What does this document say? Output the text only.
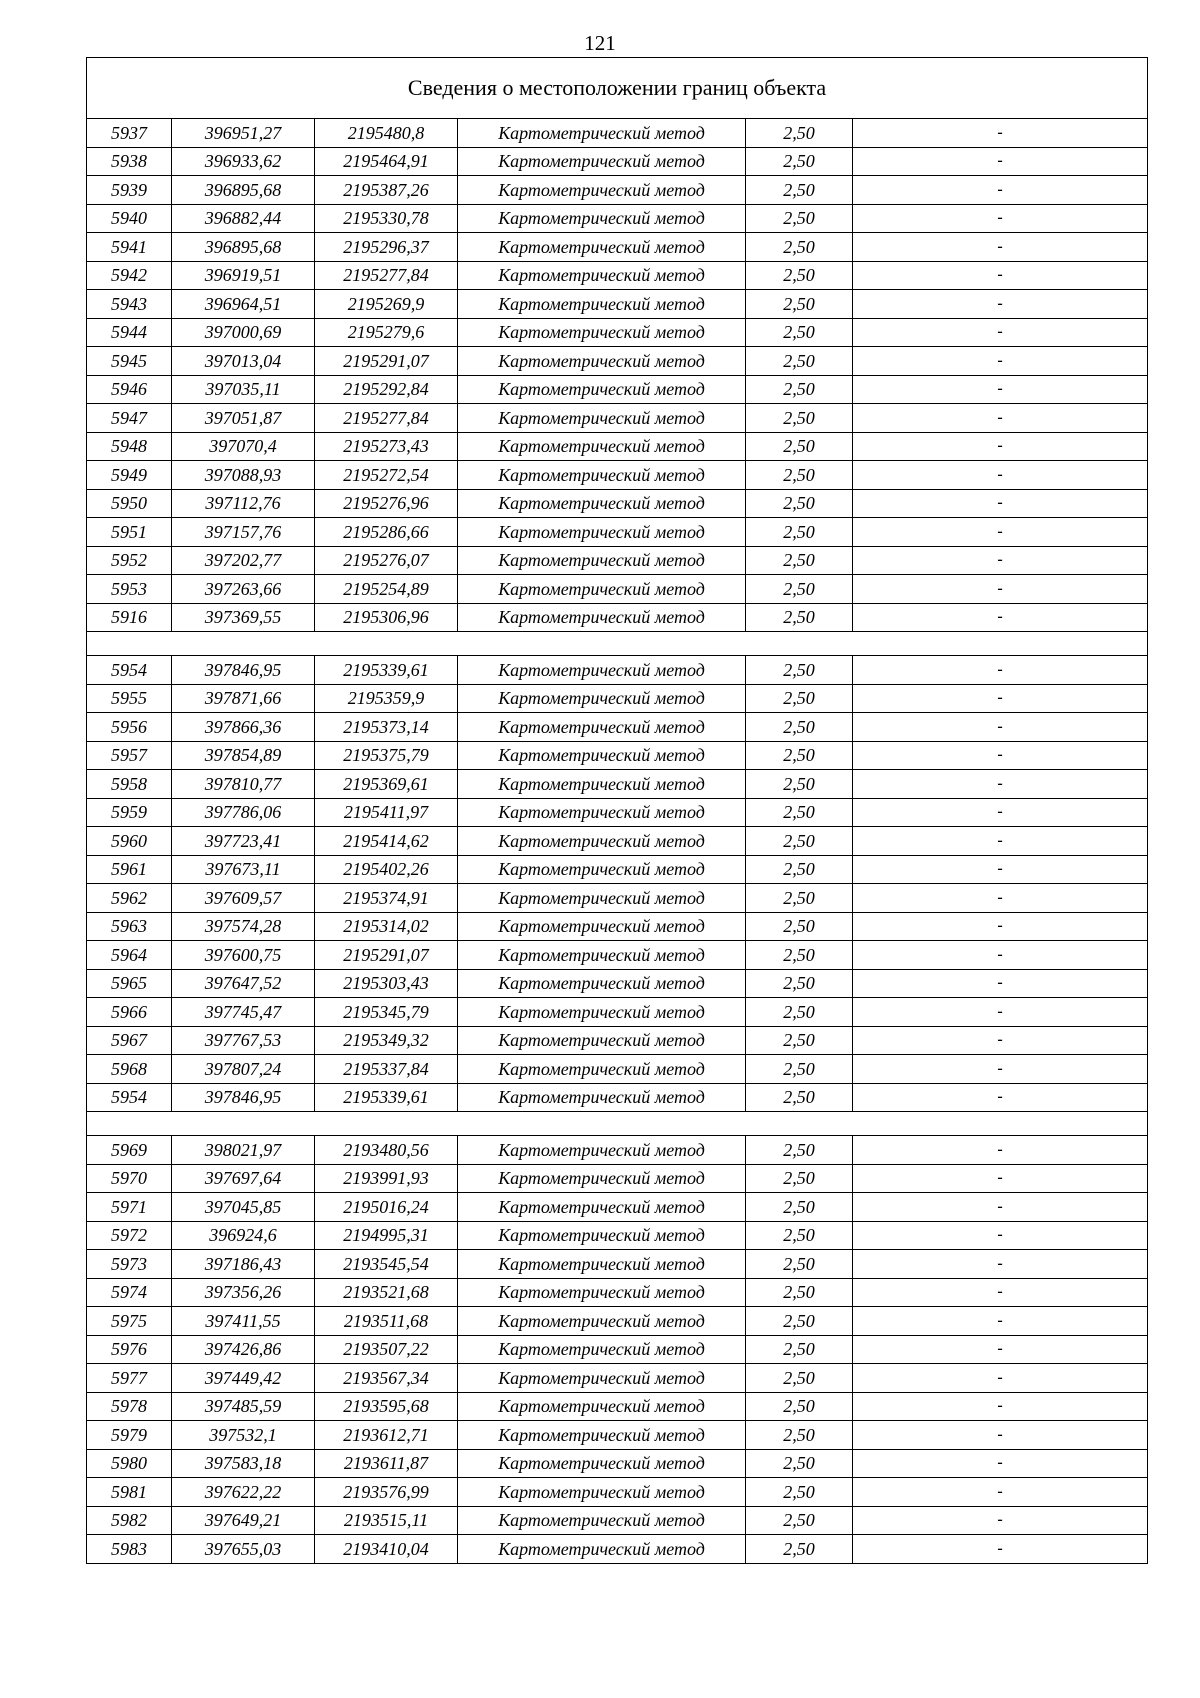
121
Сведения о местоположении границ объекта					
5937	396951,27	2195480,8	Картометрический метод	2,50	-
5938	396933,62	2195464,91	Картометрический метод	2,50	-
5939	396895,68	2195387,26	Картометрический метод	2,50	-
5940	396882,44	2195330,78	Картометрический метод	2,50	-
5941	396895,68	2195296,37	Картометрический метод	2,50	-
5942	396919,51	2195277,84	Картометрический метод	2,50	-
5943	396964,51	2195269,9	Картометрический метод	2,50	-
5944	397000,69	2195279,6	Картометрический метод	2,50	-
5945	397013,04	2195291,07	Картометрический метод	2,50	-
5946	397035,11	2195292,84	Картометрический метод	2,50	-
5947	397051,87	2195277,84	Картометрический метод	2,50	-
5948	397070,4	2195273,43	Картометрический метод	2,50	-
5949	397088,93	2195272,54	Картометрический метод	2,50	-
5950	397112,76	2195276,96	Картометрический метод	2,50	-
5951	397157,76	2195286,66	Картометрический метод	2,50	-
5952	397202,77	2195276,07	Картометрический метод	2,50	-
5953	397263,66	2195254,89	Картометрический метод	2,50	-
5916	397369,55	2195306,96	Картометрический метод	2,50	-

5954	397846,95	2195339,61	Картометрический метод	2,50	-
5955	397871,66	2195359,9	Картометрический метод	2,50	-
5956	397866,36	2195373,14	Картометрический метод	2,50	-
5957	397854,89	2195375,79	Картометрический метод	2,50	-
5958	397810,77	2195369,61	Картометрический метод	2,50	-
5959	397786,06	2195411,97	Картометрический метод	2,50	-
5960	397723,41	2195414,62	Картометрический метод	2,50	-
5961	397673,11	2195402,26	Картометрический метод	2,50	-
5962	397609,57	2195374,91	Картометрический метод	2,50	-
5963	397574,28	2195314,02	Картометрический метод	2,50	-
5964	397600,75	2195291,07	Картометрический метод	2,50	-
5965	397647,52	2195303,43	Картометрический метод	2,50	-
5966	397745,47	2195345,79	Картометрический метод	2,50	-
5967	397767,53	2195349,32	Картометрический метод	2,50	-
5968	397807,24	2195337,84	Картометрический метод	2,50	-
5954	397846,95	2195339,61	Картометрический метод	2,50	-

5969	398021,97	2193480,56	Картометрический метод	2,50	-
5970	397697,64	2193991,93	Картометрический метод	2,50	-
5971	397045,85	2195016,24	Картометрический метод	2,50	-
5972	396924,6	2194995,31	Картометрический метод	2,50	-
5973	397186,43	2193545,54	Картометрический метод	2,50	-
5974	397356,26	2193521,68	Картометрический метод	2,50	-
5975	397411,55	2193511,68	Картометрический метод	2,50	-
5976	397426,86	2193507,22	Картометрический метод	2,50	-
5977	397449,42	2193567,34	Картометрический метод	2,50	-
5978	397485,59	2193595,68	Картометрический метод	2,50	-
5979	397532,1	2193612,71	Картометрический метод	2,50	-
5980	397583,18	2193611,87	Картометрический метод	2,50	-
5981	397622,22	2193576,99	Картометрический метод	2,50	-
5982	397649,21	2193515,11	Картометрический метод	2,50	-
5983	397655,03	2193410,04	Картометрический метод	2,50	-
